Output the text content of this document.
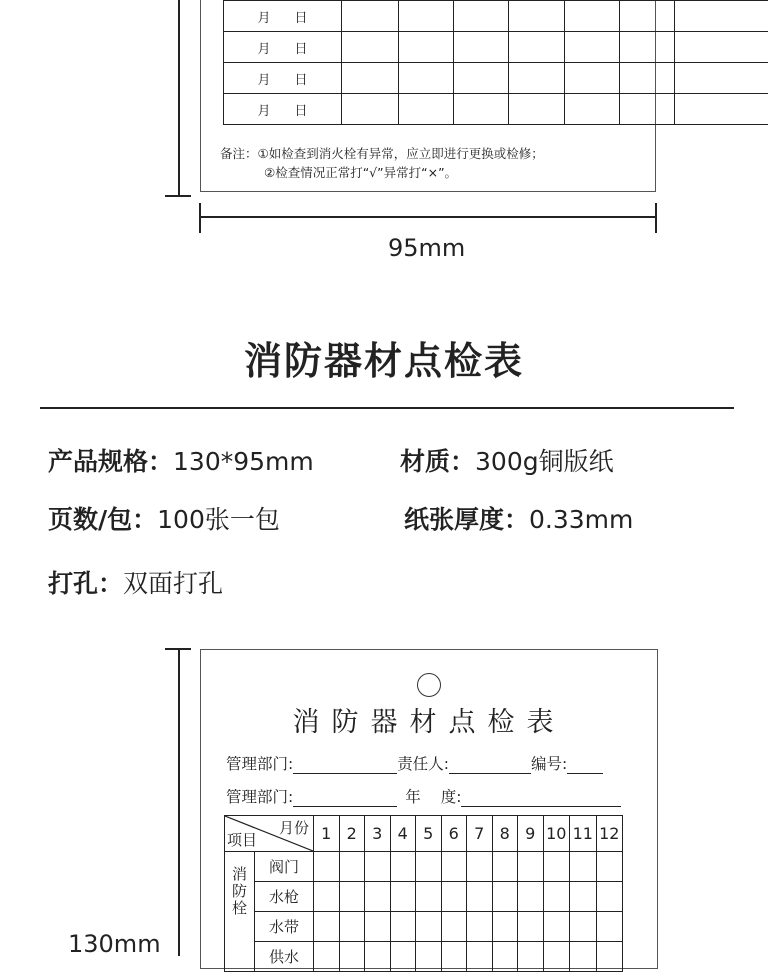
月 日							
月 日							
月 日							
月 日							
备注：①如检查到消火栓有异常，应立即进行更换或检修；
②检查情况正常打“√”异常打“×”。
95mm
消防器材点检表
产品规格：130*95mm	材质：300g铜版纸
页数/包：100张一包	纸张厚度：0.33mm
打孔：双面打孔
130mm
消防器材点检表
管理部门:	责任人:	编号:
管理部门:	年 度:
月份
项目		1	2	3	4	5	6	7	8	9	10	11	12

消防栓	阀门												
	水枪												
	水带												
	供水												
